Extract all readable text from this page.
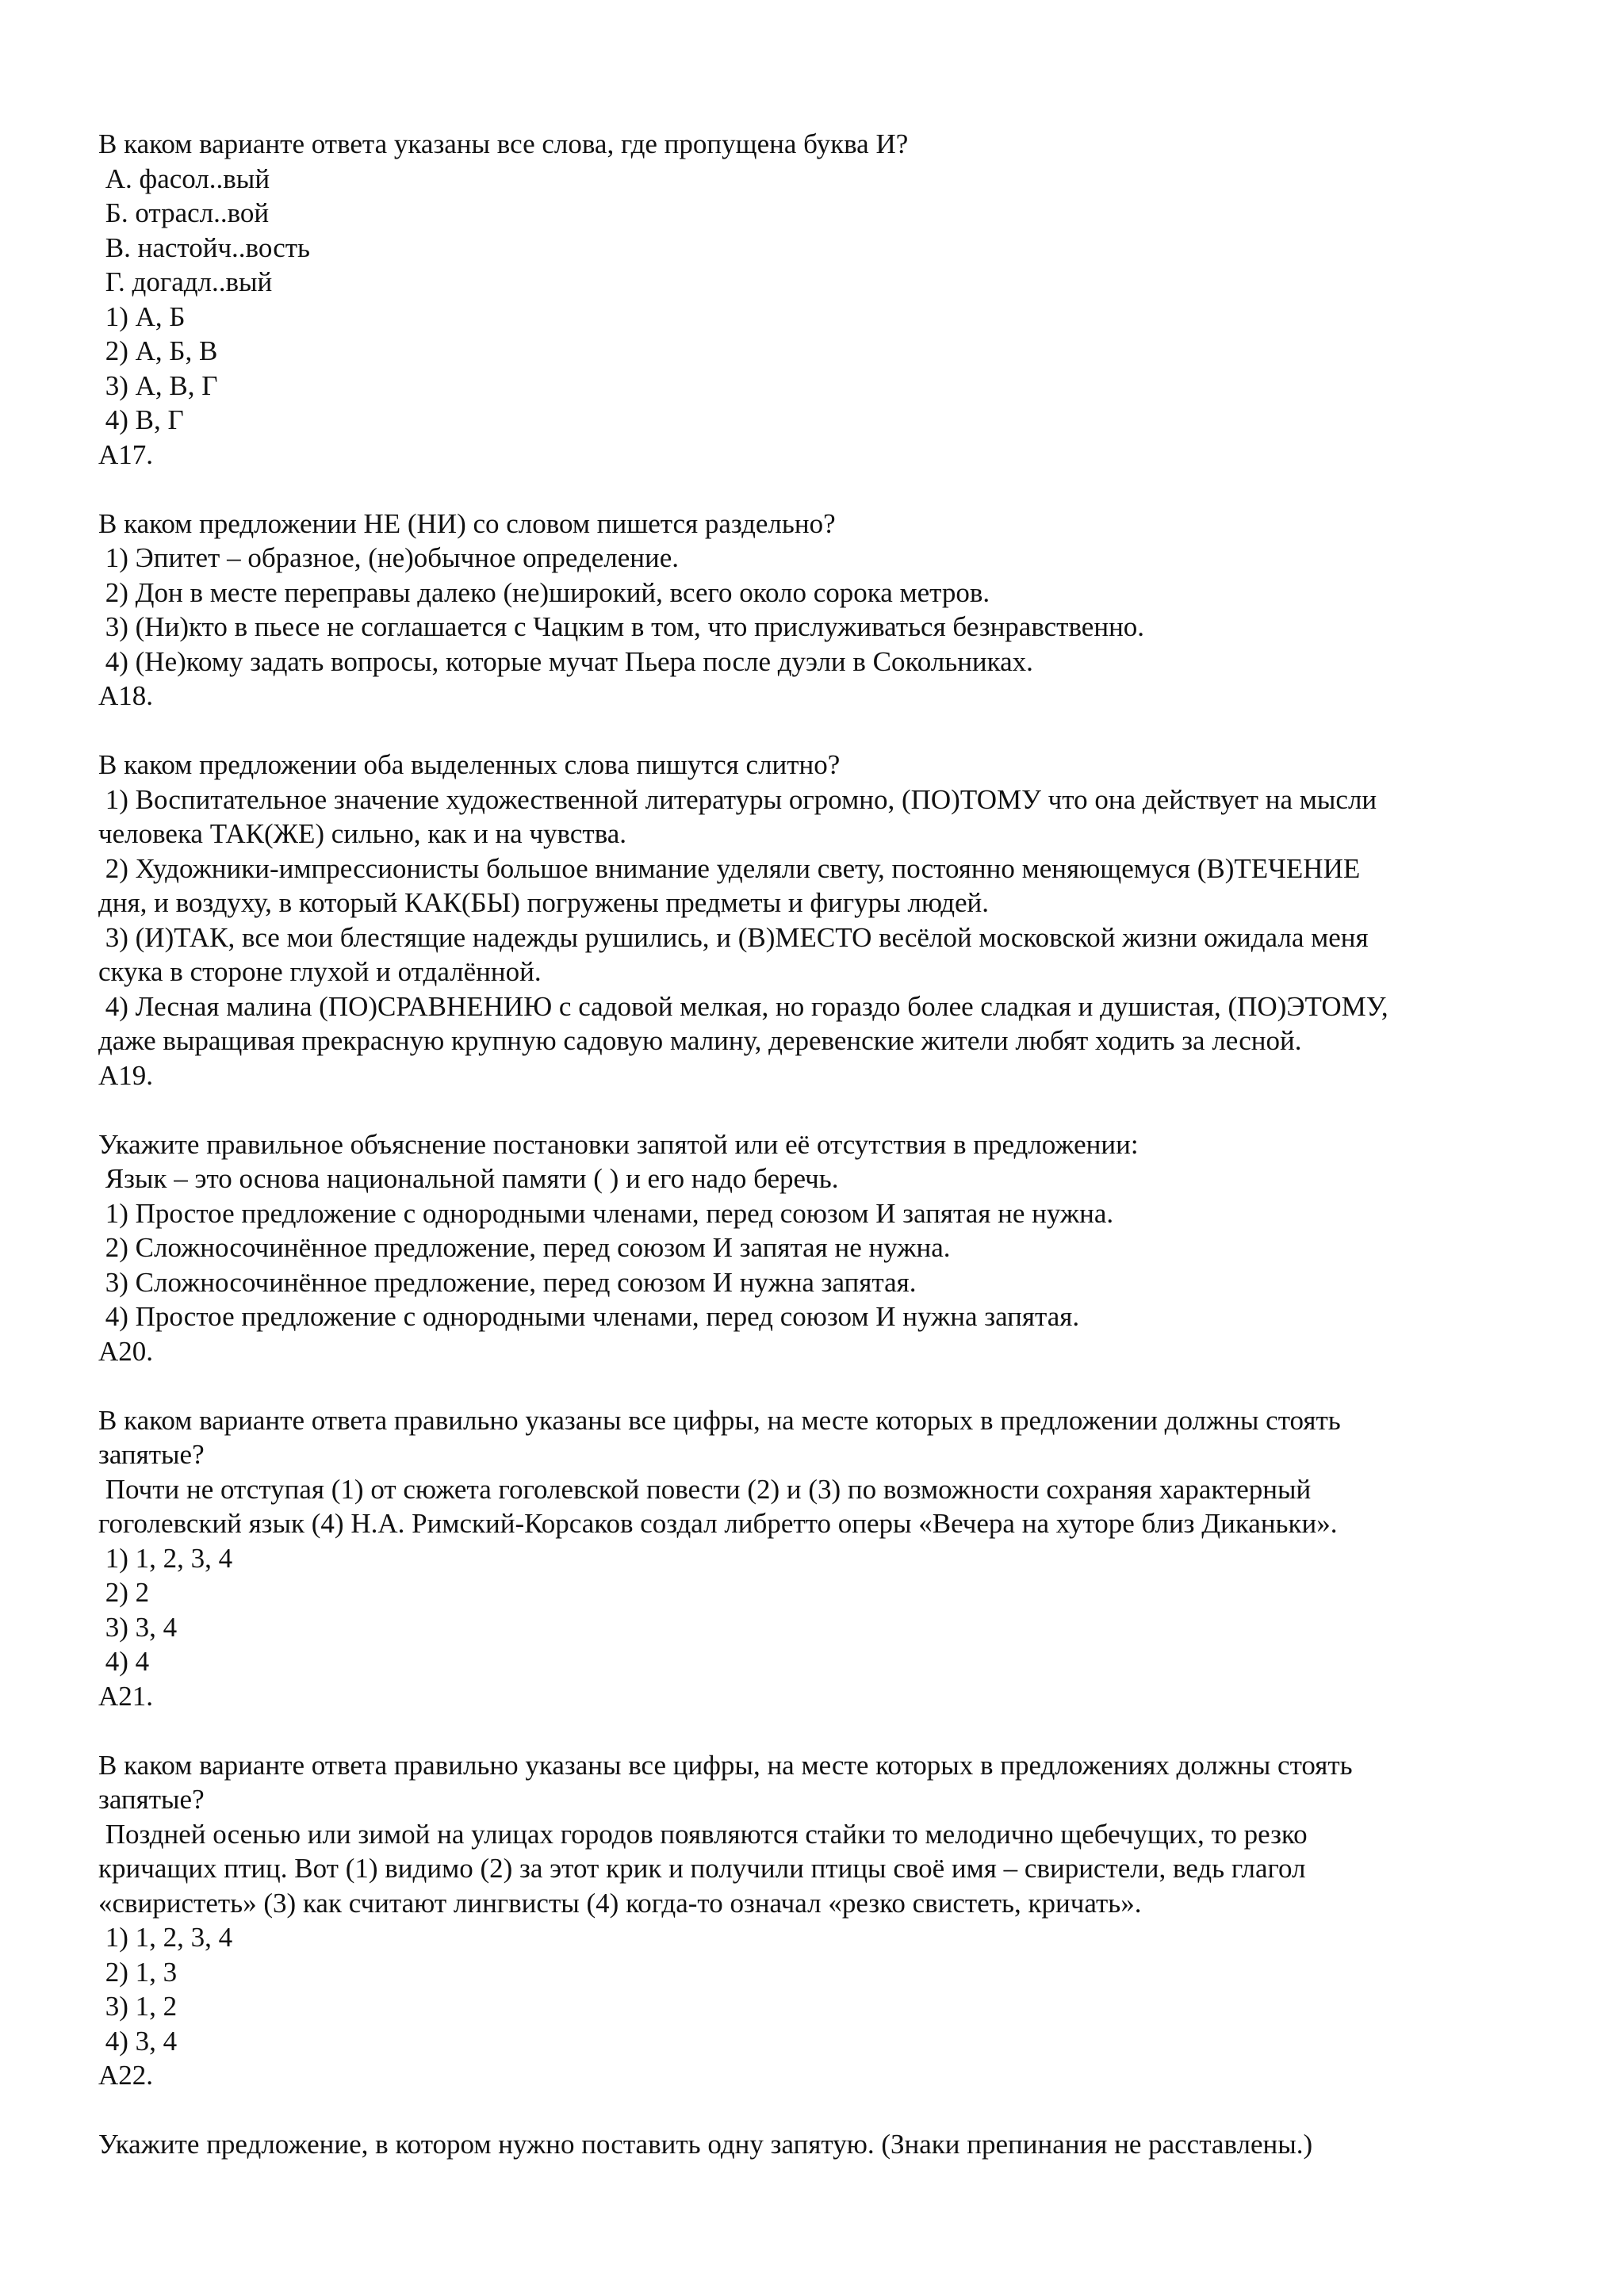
В каком варианте ответа указаны все слова, где пропущена буква И?
А. фасол..вый
Б. отрасл..вой
В. настойч..вость
Г. догадл..вый
1) А, Б
2) А, Б, В
3) А, В, Г
4) В, Г
А17.
В каком предложении НЕ (НИ) со словом пишется раздельно?
1) Эпитет – образное, (не)обычное определение.
2) Дон в месте переправы далеко (не)широкий, всего около сорока метров.
3) (Ни)кто в пьесе не соглашается с Чацким в том, что прислуживаться безнравственно.
4) (Не)кому задать вопросы, которые мучат Пьера после дуэли в Сокольниках.
А18.
В каком предложении оба выделенных слова пишутся слитно?
1) Воспитательное значение художественной литературы огромно, (ПО)ТОМУ что она действует на мысли
человека ТАК(ЖЕ) сильно, как и на чувства.
2) Художники-импрессионисты большое внимание уделяли свету, постоянно меняющемуся (В)ТЕЧЕНИЕ
дня, и воздуху, в который КАК(БЫ) погружены предметы и фигуры людей.
3) (И)ТАК, все мои блестящие надежды рушились, и (В)МЕСТО весёлой московской жизни ожидала меня
скука в стороне глухой и отдалённой.
4) Лесная малина (ПО)СРАВНЕНИЮ с садовой мелкая, но гораздо более сладкая и душистая, (ПО)ЭТОМУ,
даже выращивая прекрасную крупную садовую малину, деревенские жители любят ходить за лесной.
А19.
Укажите правильное объяснение постановки запятой или её отсутствия в предложении:
Язык – это основа национальной памяти ( ) и его надо беречь.
1) Простое предложение с однородными членами, перед союзом И запятая не нужна.
2) Сложносочинённое предложение, перед союзом И запятая не нужна.
3) Сложносочинённое предложение, перед союзом И нужна запятая.
4) Простое предложение с однородными членами, перед союзом И нужна запятая.
А20.
В каком варианте ответа правильно указаны все цифры, на месте которых в предложении должны стоять
запятые?
Почти не отступая (1) от сюжета гоголевской повести (2) и (3) по возможности сохраняя характерный
гоголевский язык (4) Н.А. Римский-Корсаков создал либретто оперы «Вечера на хуторе близ Диканьки».
1) 1, 2, 3, 4
2) 2
3) 3, 4
4) 4
А21.
В каком варианте ответа правильно указаны все цифры, на месте которых в предложениях должны стоять
запятые?
Поздней осенью или зимой на улицах городов появляются стайки то мелодично щебечущих, то резко
кричащих птиц. Вот (1) видимо (2) за этот крик и получили птицы своё имя – свиристели, ведь глагол
«свиристеть» (3) как считают лингвисты (4) когда-то означал «резко свистеть, кричать».
1) 1, 2, 3, 4
2) 1, 3
3) 1, 2
4) 3, 4
А22.
Укажите предложение, в котором нужно поставить одну запятую. (Знаки препинания не расставлены.)
